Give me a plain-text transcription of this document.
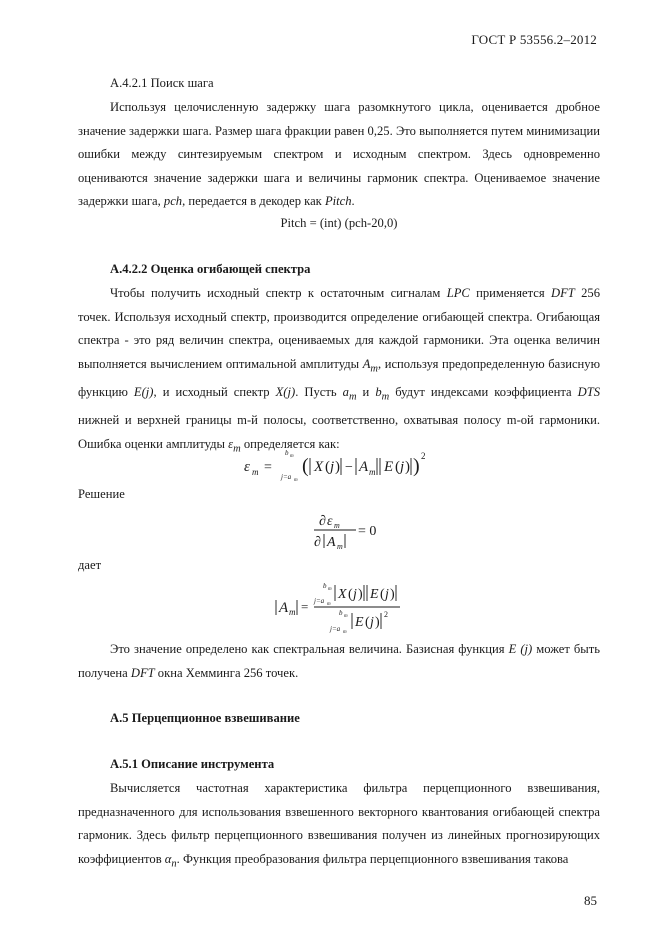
ГОСТ Р 53556.2–2012
А.4.2.1 Поиск шага
Используя целочисленную задержку шага разомкнутого цикла, оценивается дробное значение задержки шага. Размер шага фракции равен 0,25. Это выполняется путем минимизации ошибки между синтезируемым спектром и исходным спектром. Здесь одновременно оцениваются значение задержки шага и величины гармоник спектра. Оцениваемое значение задержки шага, pch, передается в декодер как Pitch.
Pitch = (int) (pch-20,0)
А.4.2.2 Оценка огибающей спектра
Чтобы получить исходный спектр к остаточным сигналам LPC применяется DFT 256 точек. Используя исходный спектр, производится определение огибающей спектра. Огибающая спектра - это ряд величин спектра, оцениваемых для каждой гармоники. Эта оценка величин выполняется вычислением оптимальной амплитуды $A_m$, используя предопределенную базисную функцию E(j), и исходный спектр X(j). Пусть $a_m$ и $b_m$ будут индексами коэффициента DTS нижней и верхней границы m-й полосы, соответственно, охватывая полосу m-ой гармоники. Ошибка оценки амплитуды $\varepsilon_m$ определяется как:
ε m =
b m
j=a m
( X ( j ) − A m E ( j ) ) 2
Решение
∂ ε m
∂ A m
= 0
дает
A m =
b m
j=a m
X ( j ) E ( j )
b m
j=a m
E ( j )
2
Это значение определено как спектральная величина. Базисная функция E (j) может быть получена DFT окна Хемминга 256 точек.
А.5 Перцепционное взвешивание
А.5.1 Описание инструмента
Вычисляется частотная характеристика фильтра перцепционного взвешивания, предназначенного для использования взвешенного векторного квантования огибающей спектра гармоник. Здесь фильтр перцепционного взвешивания получен из линейных прогнозирующих коэффициентов $\alpha_n$. Функция преобразования фильтра перцепционного взвешивания такова
85
